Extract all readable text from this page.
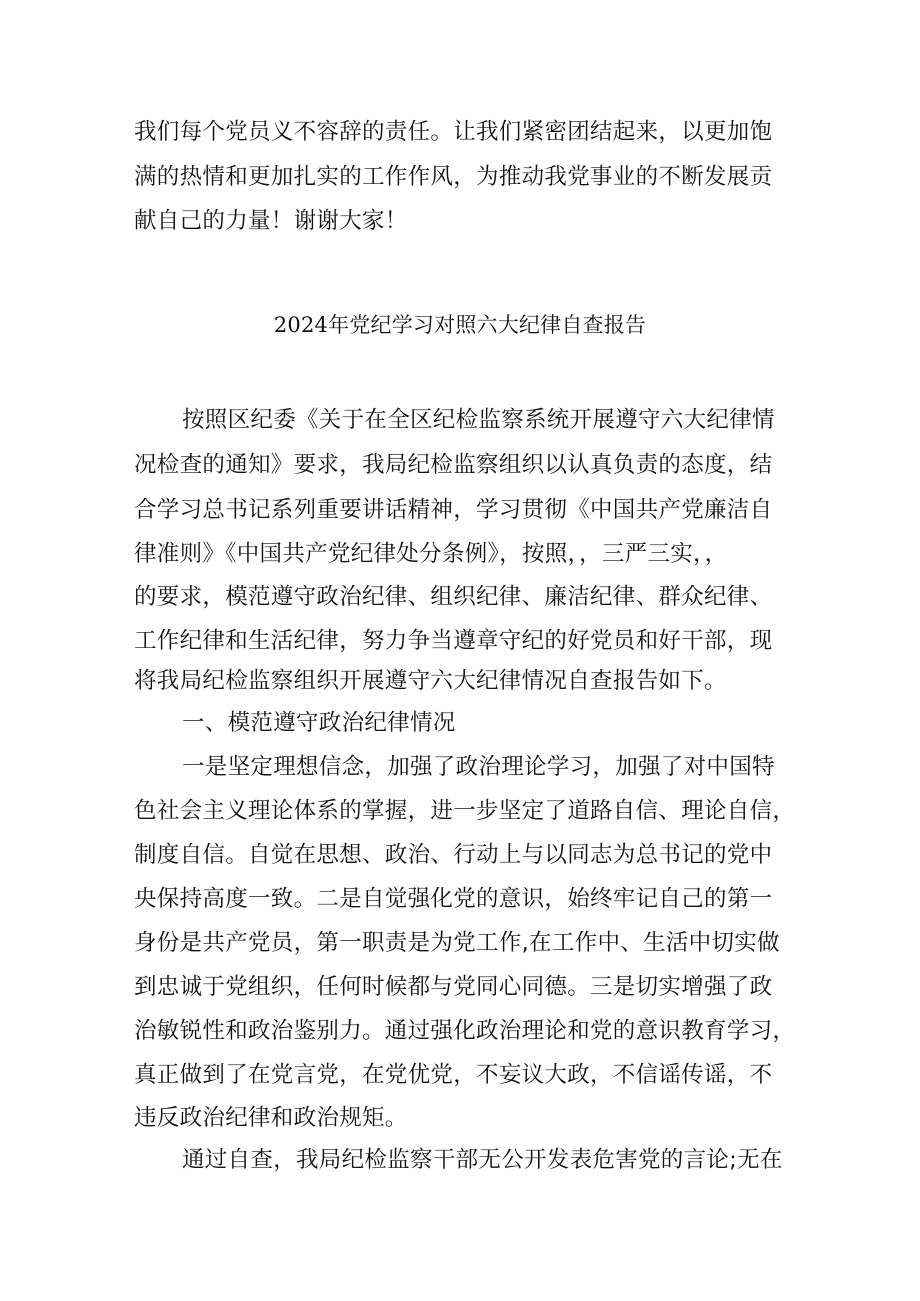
我们每个党员义不容辞的责任。让我们紧密团结起来，以更加饱
满的热情和更加扎实的工作作风，为推动我党事业的不断发展贡
献自己的力量！谢谢大家！
2024年党纪学习对照六大纪律自查报告
按照区纪委《关于在全区纪检监察系统开展遵守六大纪律情
况检查的通知》要求，我局纪检监察组织以认真负责的态度，结
合学习总书记系列重要讲话精神，学习贯彻《中国共产党廉洁自
律准则》《中国共产党纪律处分条例》，按照，，三严三实，，
的要求，模范遵守政治纪律、组织纪律、廉洁纪律、群众纪律、
工作纪律和生活纪律，努力争当遵章守纪的好党员和好干部，现
将我局纪检监察组织开展遵守六大纪律情况自查报告如下。
一、模范遵守政治纪律情况
一是坚定理想信念，加强了政治理论学习，加强了对中国特
色社会主义理论体系的掌握，进一步坚定了道路自信、理论自信，
制度自信。自觉在思想、政治、行动上与以同志为总书记的党中
央保持高度一致。二是自觉强化党的意识，始终牢记自己的第一
身份是共产党员，第一职责是为党工作,在工作中、生活中切实做
到忠诚于党组织，任何时候都与党同心同德。三是切实增强了政
治敏锐性和政治鉴别力。通过强化政治理论和党的意识教育学习，
真正做到了在党言党，在党优党，不妄议大政，不信谣传谣，不
违反政治纪律和政治规矩。
通过自查，我局纪检监察干部无公开发表危害党的言论;无在
